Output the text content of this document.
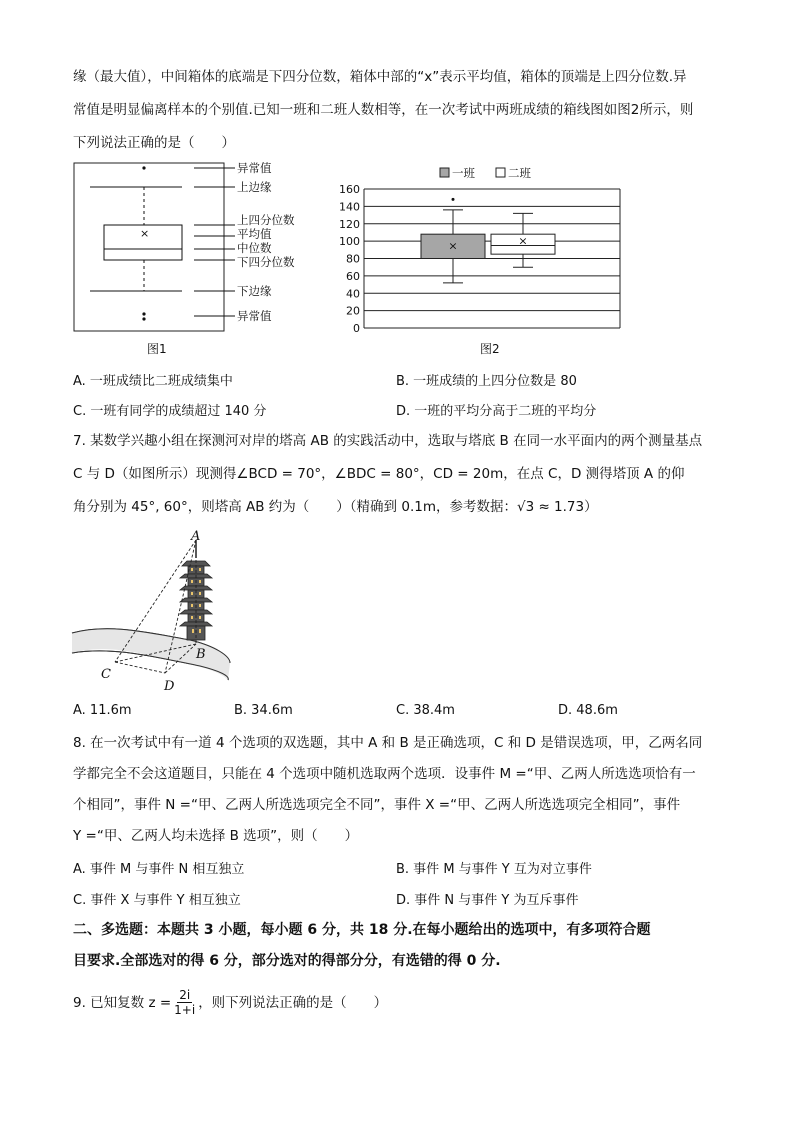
缘（最大值），中间箱体的底端是下四分位数，箱体中部的“x”表示平均值，箱体的顶端是上四分位数.异
常值是明显偏离样本的个别值.已知一班和二班人数相等，在一次考试中两班成绩的箱线图如图2所示，则
下列说法正确的是（　　）
×
异常值
上边缘
上四分位数
平均值
中位数
下四分位数
下边缘
异常值
图1
一班	二班
0
20
40
60
80
100
120
140
160
×	×
图2
A. 一班成绩比二班成绩集中	B. 一班成绩的上四分位数是 80
C. 一班有同学的成绩超过 140 分	D. 一班的平均分高于二班的平均分
7. 某数学兴趣小组在探测河对岸的塔高 AB 的实践活动中，选取与塔底 B 在同一水平面内的两个测量基点
C 与 D（如图所示）现测得∠BCD = 70°，∠BDC = 80°，CD = 20m，在点 C，D 测得塔顶 A 的仰
角分别为 45°, 60°，则塔高 AB 约为（　　）（精确到 0.1m，参考数据：√3 ≈ 1.73）
A
B
C
D
A. 11.6m	B. 34.6m	C. 38.4m	D. 48.6m
8. 在一次考试中有一道 4 个选项的双选题，其中 A 和 B 是正确选项，C 和 D 是错误选项，甲，乙两名同
学都完全不会这道题目，只能在 4 个选项中随机选取两个选项．设事件 M =“甲、乙两人所选选项恰有一
个相同”，事件 N =“甲、乙两人所选选项完全不同”，事件 X =“甲、乙两人所选选项完全相同”，事件
Y =“甲、乙两人均未选择 B 选项”，则（　　）
A. 事件 M 与事件 N 相互独立	B. 事件 M 与事件 Y 互为对立事件
C. 事件 X 与事件 Y 相互独立	D. 事件 N 与事件 Y 为互斥事件
二、多选题：本题共 3 小题，每小题 6 分，共 18 分.在每小题给出的选项中，有多项符合题
目要求.全部选对的得 6 分，部分选对的得部分分，有选错的得 0 分.
9. 已知复数 $z = \frac{2i}{1+i}$ ，则下列说法正确的是（　　）
